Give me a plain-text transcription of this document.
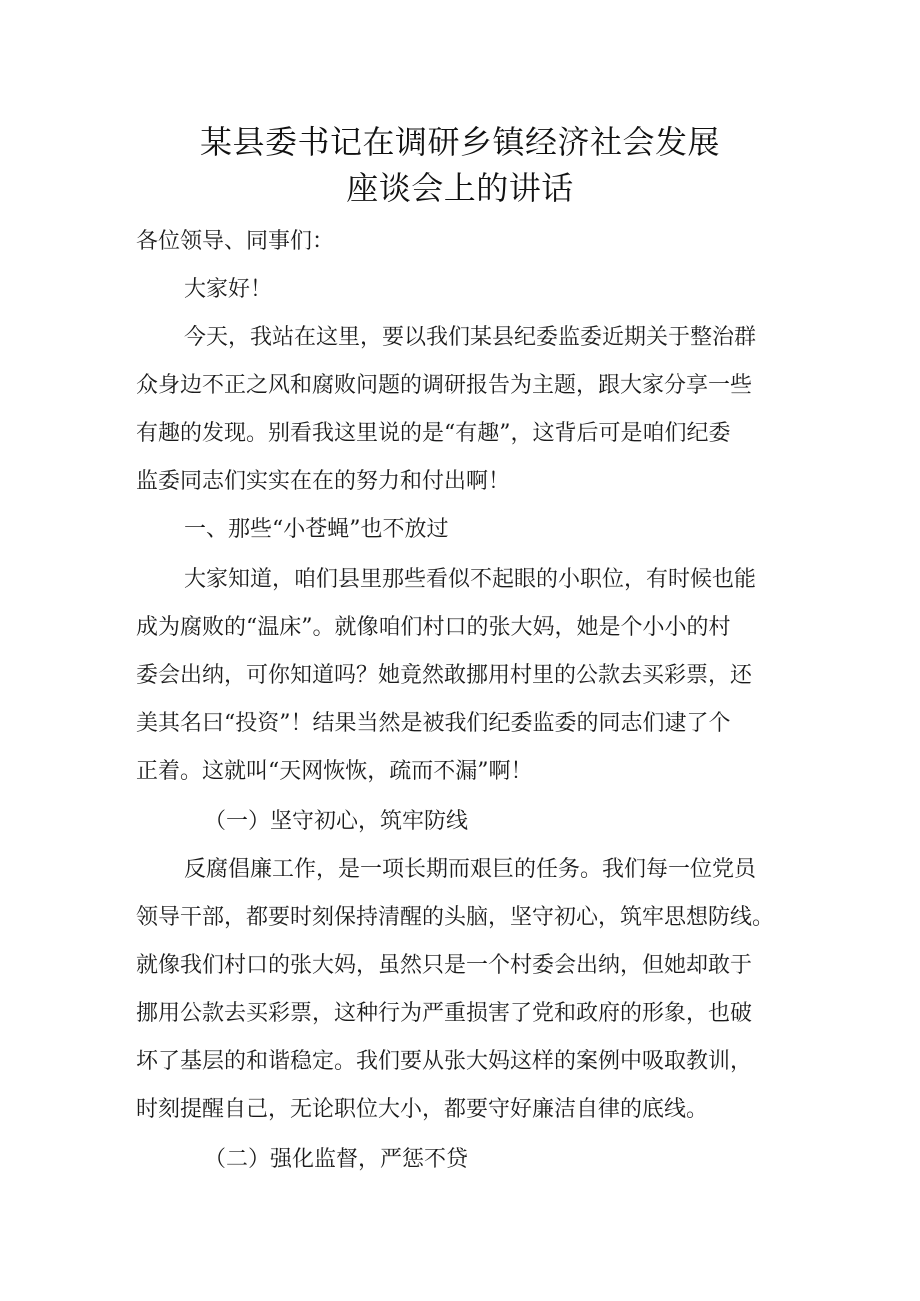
某县委书记在调研乡镇经济社会发展
座谈会上的讲话
各位领导、同事们：
大家好！
今天，我站在这里，要以我们某县纪委监委近期关于整治群
众身边不正之风和腐败问题的调研报告为主题，跟大家分享一些
有趣的发现。别看我这里说的是“有趣”，这背后可是咱们纪委
监委同志们实实在在的努力和付出啊！
一、那些“小苍蝇”也不放过
大家知道，咱们县里那些看似不起眼的小职位，有时候也能
成为腐败的“温床”。就像咱们村口的张大妈，她是个小小的村
委会出纳，可你知道吗？她竟然敢挪用村里的公款去买彩票，还
美其名曰“投资”！结果当然是被我们纪委监委的同志们逮了个
正着。这就叫“天网恢恢，疏而不漏”啊！
（一）坚守初心，筑牢防线
反腐倡廉工作，是一项长期而艰巨的任务。我们每一位党员
领导干部，都要时刻保持清醒的头脑，坚守初心，筑牢思想防线。
就像我们村口的张大妈，虽然只是一个村委会出纳，但她却敢于
挪用公款去买彩票，这种行为严重损害了党和政府的形象，也破
坏了基层的和谐稳定。我们要从张大妈这样的案例中吸取教训，
时刻提醒自己，无论职位大小，都要守好廉洁自律的底线。
（二）强化监督，严惩不贷
